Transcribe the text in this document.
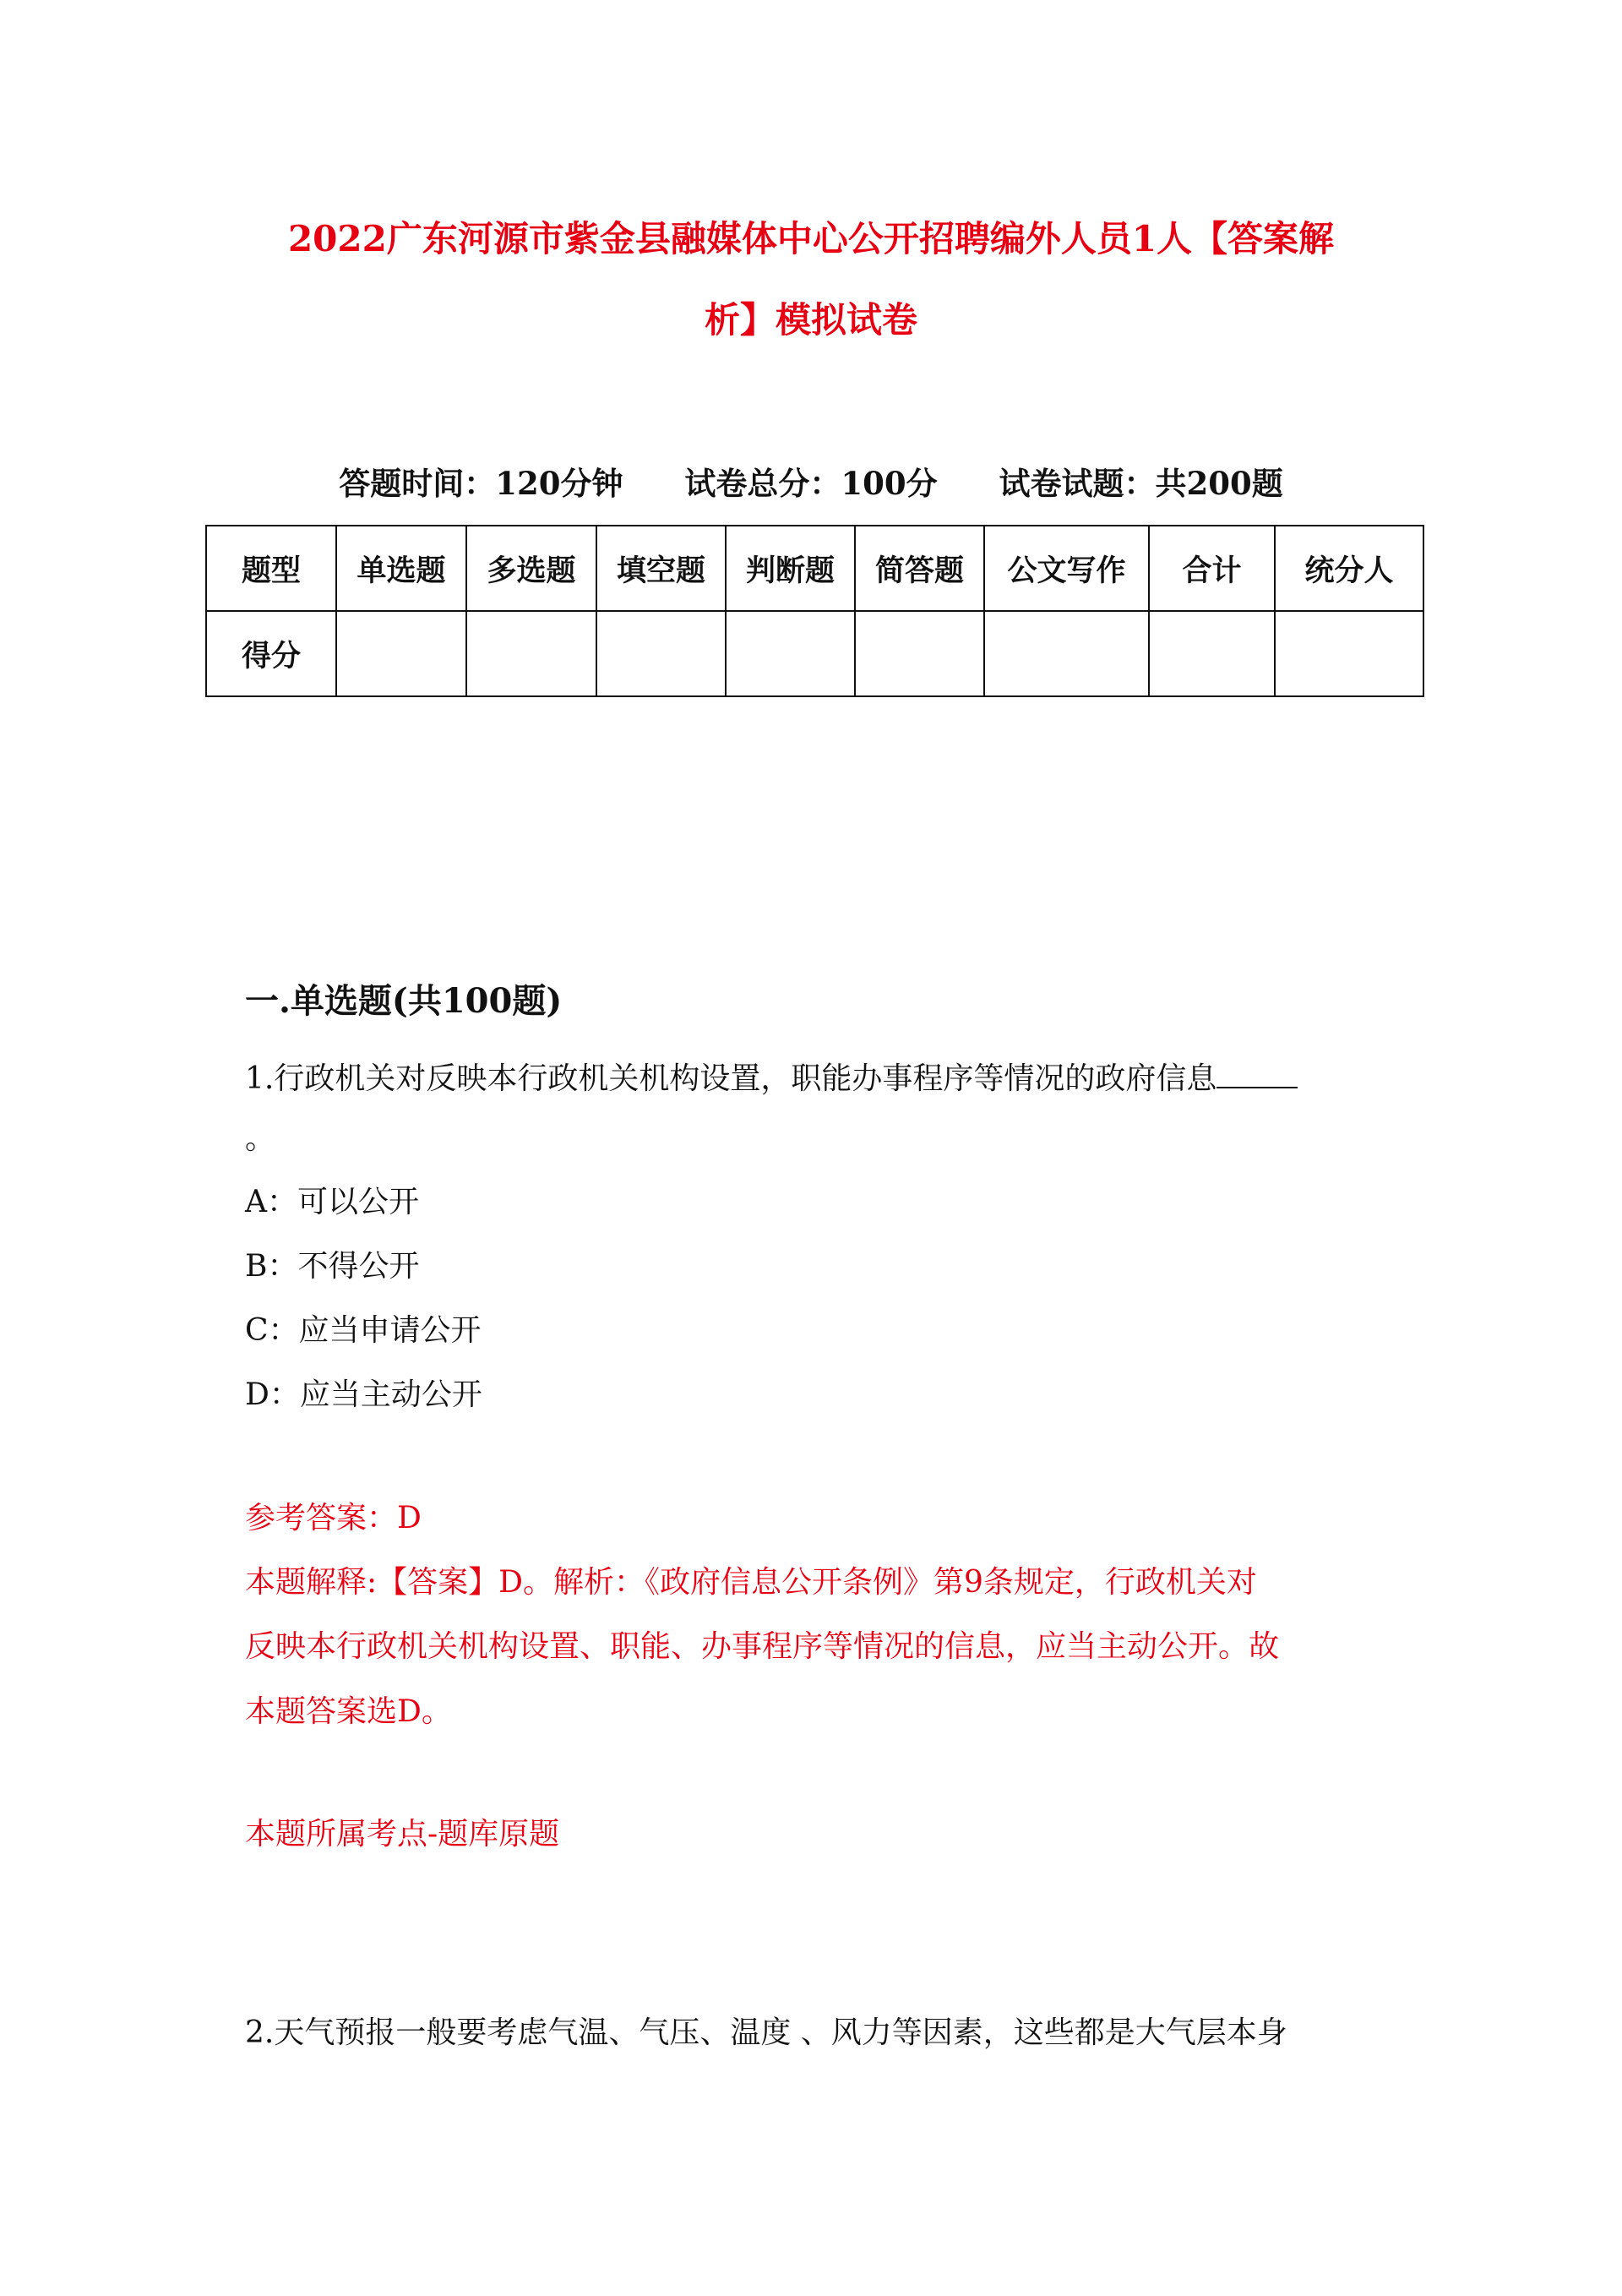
2022广东河源市紫金县融媒体中心公开招聘编外人员1人【答案解
析】模拟试卷
答题时间：120分钟 试卷总分：100分 试卷试题：共200题
题型	单选题	多选题	填空题	判断题	简答题	公文写作	合计	统分人
得分								
一.单选题(共100题)
1.行政机关对反映本行政机关机构设置，职能办事程序等情况的政府信息
。
A：可以公开
B：不得公开
C：应当申请公开
D：应当主动公开
参考答案：D
本题解释:【答案】D。解析：《政府信息公开条例》第9条规定，行政机关对
反映本行政机关机构设置、职能、办事程序等情况的信息，应当主动公开。故
本题答案选D。
本题所属考点-题库原题
2.天气预报一般要考虑气温、气压、温度 、风力等因素，这些都是大气层本身
